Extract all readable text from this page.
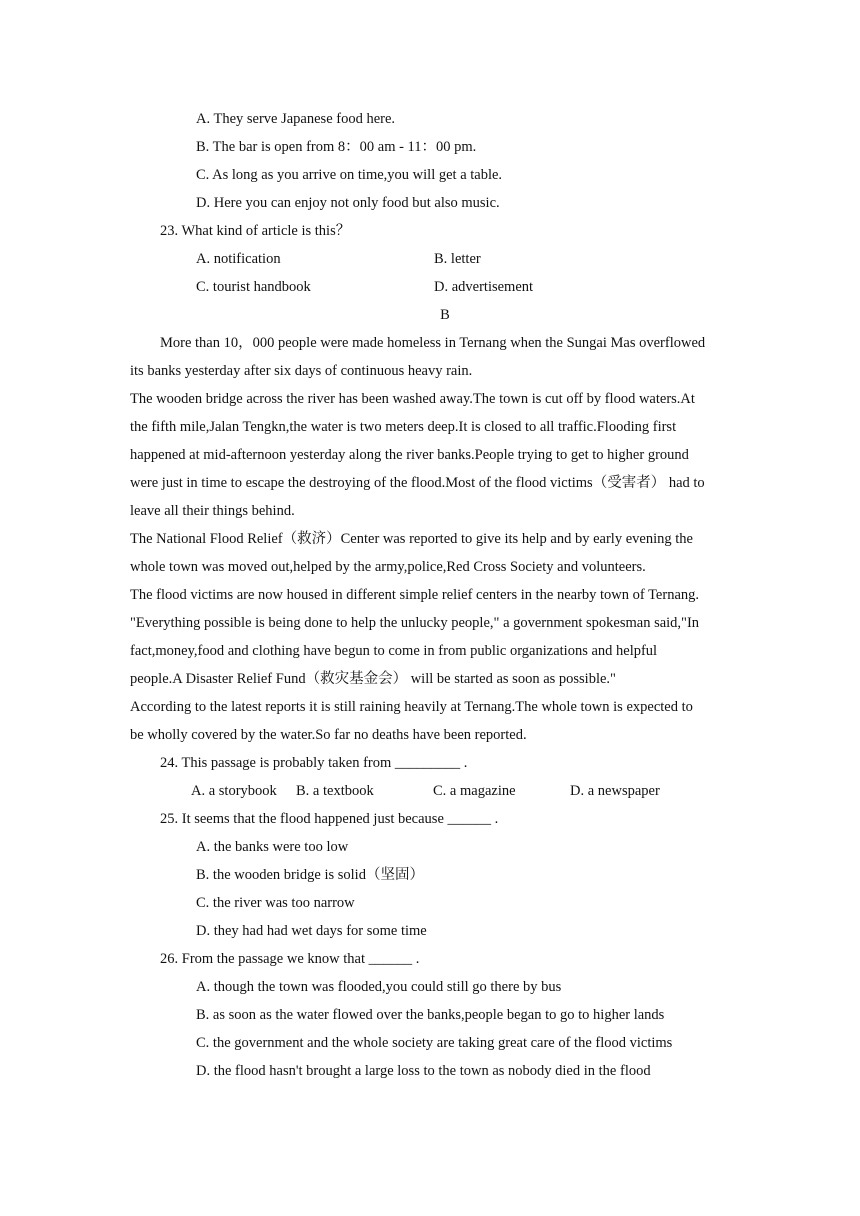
A. They serve Japanese food here.
B. The bar is open from 8：00 am - 11：00 pm.
C. As long as you arrive on time,you will get a table.
D. Here you can enjoy not only food but also music.
23. What kind of article is this？
A. notification	B. letter
C. tourist handbook	D. advertisement
B
More than 10，000 people were made homeless in Ternang when the Sungai Mas overflowed
its banks yesterday after six days of continuous heavy rain.
The wooden bridge across the river has been washed away.The town is cut off by flood waters.At
the fifth mile,Jalan Tengkn,the water is two meters deep.It is closed to all traffic.Flooding first
happened at mid-afternoon yesterday along the river banks.People trying to get to higher ground
were just in time to escape the destroying of the flood.Most of the flood victims（受害者） had to
leave all their things behind.
The National Flood Relief（救济）Center was reported to give its help and by early evening the
whole town was moved out,helped by the army,police,Red Cross Society and volunteers.
The flood victims are now housed in different simple relief centers in the nearby town of Ternang.
"Everything possible is being done to help the unlucky people," a government spokesman said,"In
fact,money,food and clothing have begun to come in from public organizations and helpful
people.A Disaster Relief Fund（救灾基金会） will be started as soon as possible."
According to the latest reports it is still raining heavily at Ternang.The whole town is expected to
be wholly covered by the water.So far no deaths have been reported.
24. This passage is probably taken from _________ .
A. a storybook B. a textbook	C. a magazine	D. a newspaper
25. It seems that the flood happened just because ______ .
A. the banks were too low
B. the wooden bridge is solid（坚固）
C. the river was too narrow
D. they had had wet days for some time
26. From the passage we know that ______ .
A. though the town was flooded,you could still go there by bus
B. as soon as the water flowed over the banks,people began to go to higher lands
C. the government and the whole society are taking great care of the flood victims
D. the flood hasn't brought a large loss to the town as nobody died in the flood
